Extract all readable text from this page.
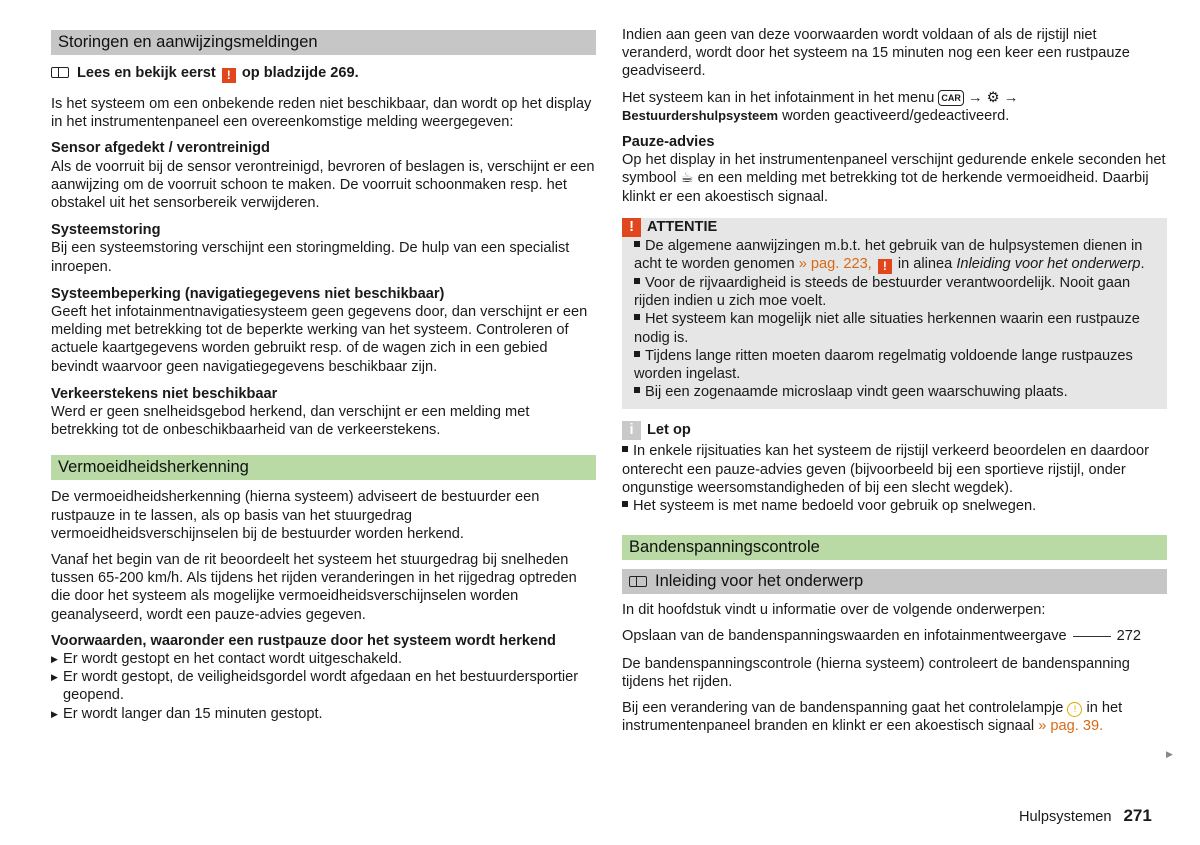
Storingen en aanwijzingsmeldingen

Lees en bekijk eerst ! op bladzijde 269.

Is het systeem om een onbekende reden niet beschikbaar, dan wordt op het display in het instrumentenpaneel een overeenkomstige melding weergegeven:

Sensor afgedekt / verontreinigd

Als de voorruit bij de sensor verontreinigd, bevroren of beslagen is, verschijnt er een aanwijzing om de voorruit schoon te maken. De voorruit schoonmaken resp. het obstakel uit het sensorbereik verwijderen.

Systeemstoring

Bij een systeemstoring verschijnt een storingmelding. De hulp van een specialist inroepen.

Systeembeperking (navigatiegegevens niet beschikbaar)

Geeft het infotainmentnavigatiesysteem geen gegevens door, dan verschijnt er een melding met betrekking tot de beperkte werking van het systeem. Controleren of actuele kaartgegevens worden gebruikt resp. of de wagen zich in een gebied bevindt waarvoor geen navigatiegegevens beschikbaar zijn.

Verkeerstekens niet beschikbaar

Werd er geen snelheidsgebod herkend, dan verschijnt er een melding met betrekking tot de onbeschikbaarheid van de verkeerstekens.

Vermoeidheidsherkenning

De vermoeidheidsherkenning (hierna systeem) adviseert de bestuurder een rustpauze in te lassen, als op basis van het stuurgedrag vermoeidheidsverschijnselen bij de bestuurder worden herkend.

Vanaf het begin van de rit beoordeelt het systeem het stuurgedrag bij snelheden tussen 65-200 km/h. Als tijdens het rijden veranderingen in het rijgedrag optreden die door het systeem als mogelijke vermoeidheidsverschijnselen worden geanalyseerd, wordt een pauze-advies gegeven.

Voorwaarden, waaronder een rustpauze door het systeem wordt herkend

▶ Er wordt gestopt en het contact wordt uitgeschakeld.
▶ Er wordt gestopt, de veiligheidsgordel wordt afgedaan en het bestuurdersportier geopend.
▶ Er wordt langer dan 15 minuten gestopt.

Indien aan geen van deze voorwaarden wordt voldaan of als de rijstijl niet veranderd, wordt door het systeem na 15 minuten nog een keer een rustpauze geadviseerd.

Het systeem kan in het infotainment in het menu CAR → ⚙ → Bestuurdershulpsysteem worden geactiveerd/gedeactiveerd.

Pauze-advies

Op het display in het instrumentenpaneel verschijnt gedurende enkele seconden het symbool ☕ en een melding met betrekking tot de herkende vermoeidheid. Daarbij klinkt er een akoestisch signaal.

! ATTENTIE

De algemene aanwijzingen m.b.t. het gebruik van de hulpsystemen dienen in acht te worden genomen » pag. 223, ! in alinea Inleiding voor het onderwerp.

Voor de rijvaardigheid is steeds de bestuurder verantwoordelijk. Nooit gaan rijden indien u zich moe voelt.

Het systeem kan mogelijk niet alle situaties herkennen waarin een rustpauze nodig is.

Tijdens lange ritten moeten daarom regelmatig voldoende lange rustpauzes worden ingelast.

Bij een zogenaamde microslaap vindt geen waarschuwing plaats.

i Let op

In enkele rijsituaties kan het systeem de rijstijl verkeerd beoordelen en daardoor onterecht een pauze-advies geven (bijvoorbeeld bij een sportieve rijstijl, onder ongunstige weersomstandigheden of bij een slecht wegdek).

Het systeem is met name bedoeld voor gebruik op snelwegen.

Bandenspanningscontrole
Inleiding voor het onderwerp

In dit hoofdstuk vindt u informatie over de volgende onderwerpen:

Opslaan van de bandenspanningswaarden en infotainmentweergave	272

De bandenspanningscontrole (hierna systeem) controleert de bandenspanning tijdens het rijden.

Bij een verandering van de bandenspanning gaat het controlelampje ! in het instrumentenpaneel branden en klinkt er een akoestisch signaal » pag. 39.

▶
Hulpsystemen 271
